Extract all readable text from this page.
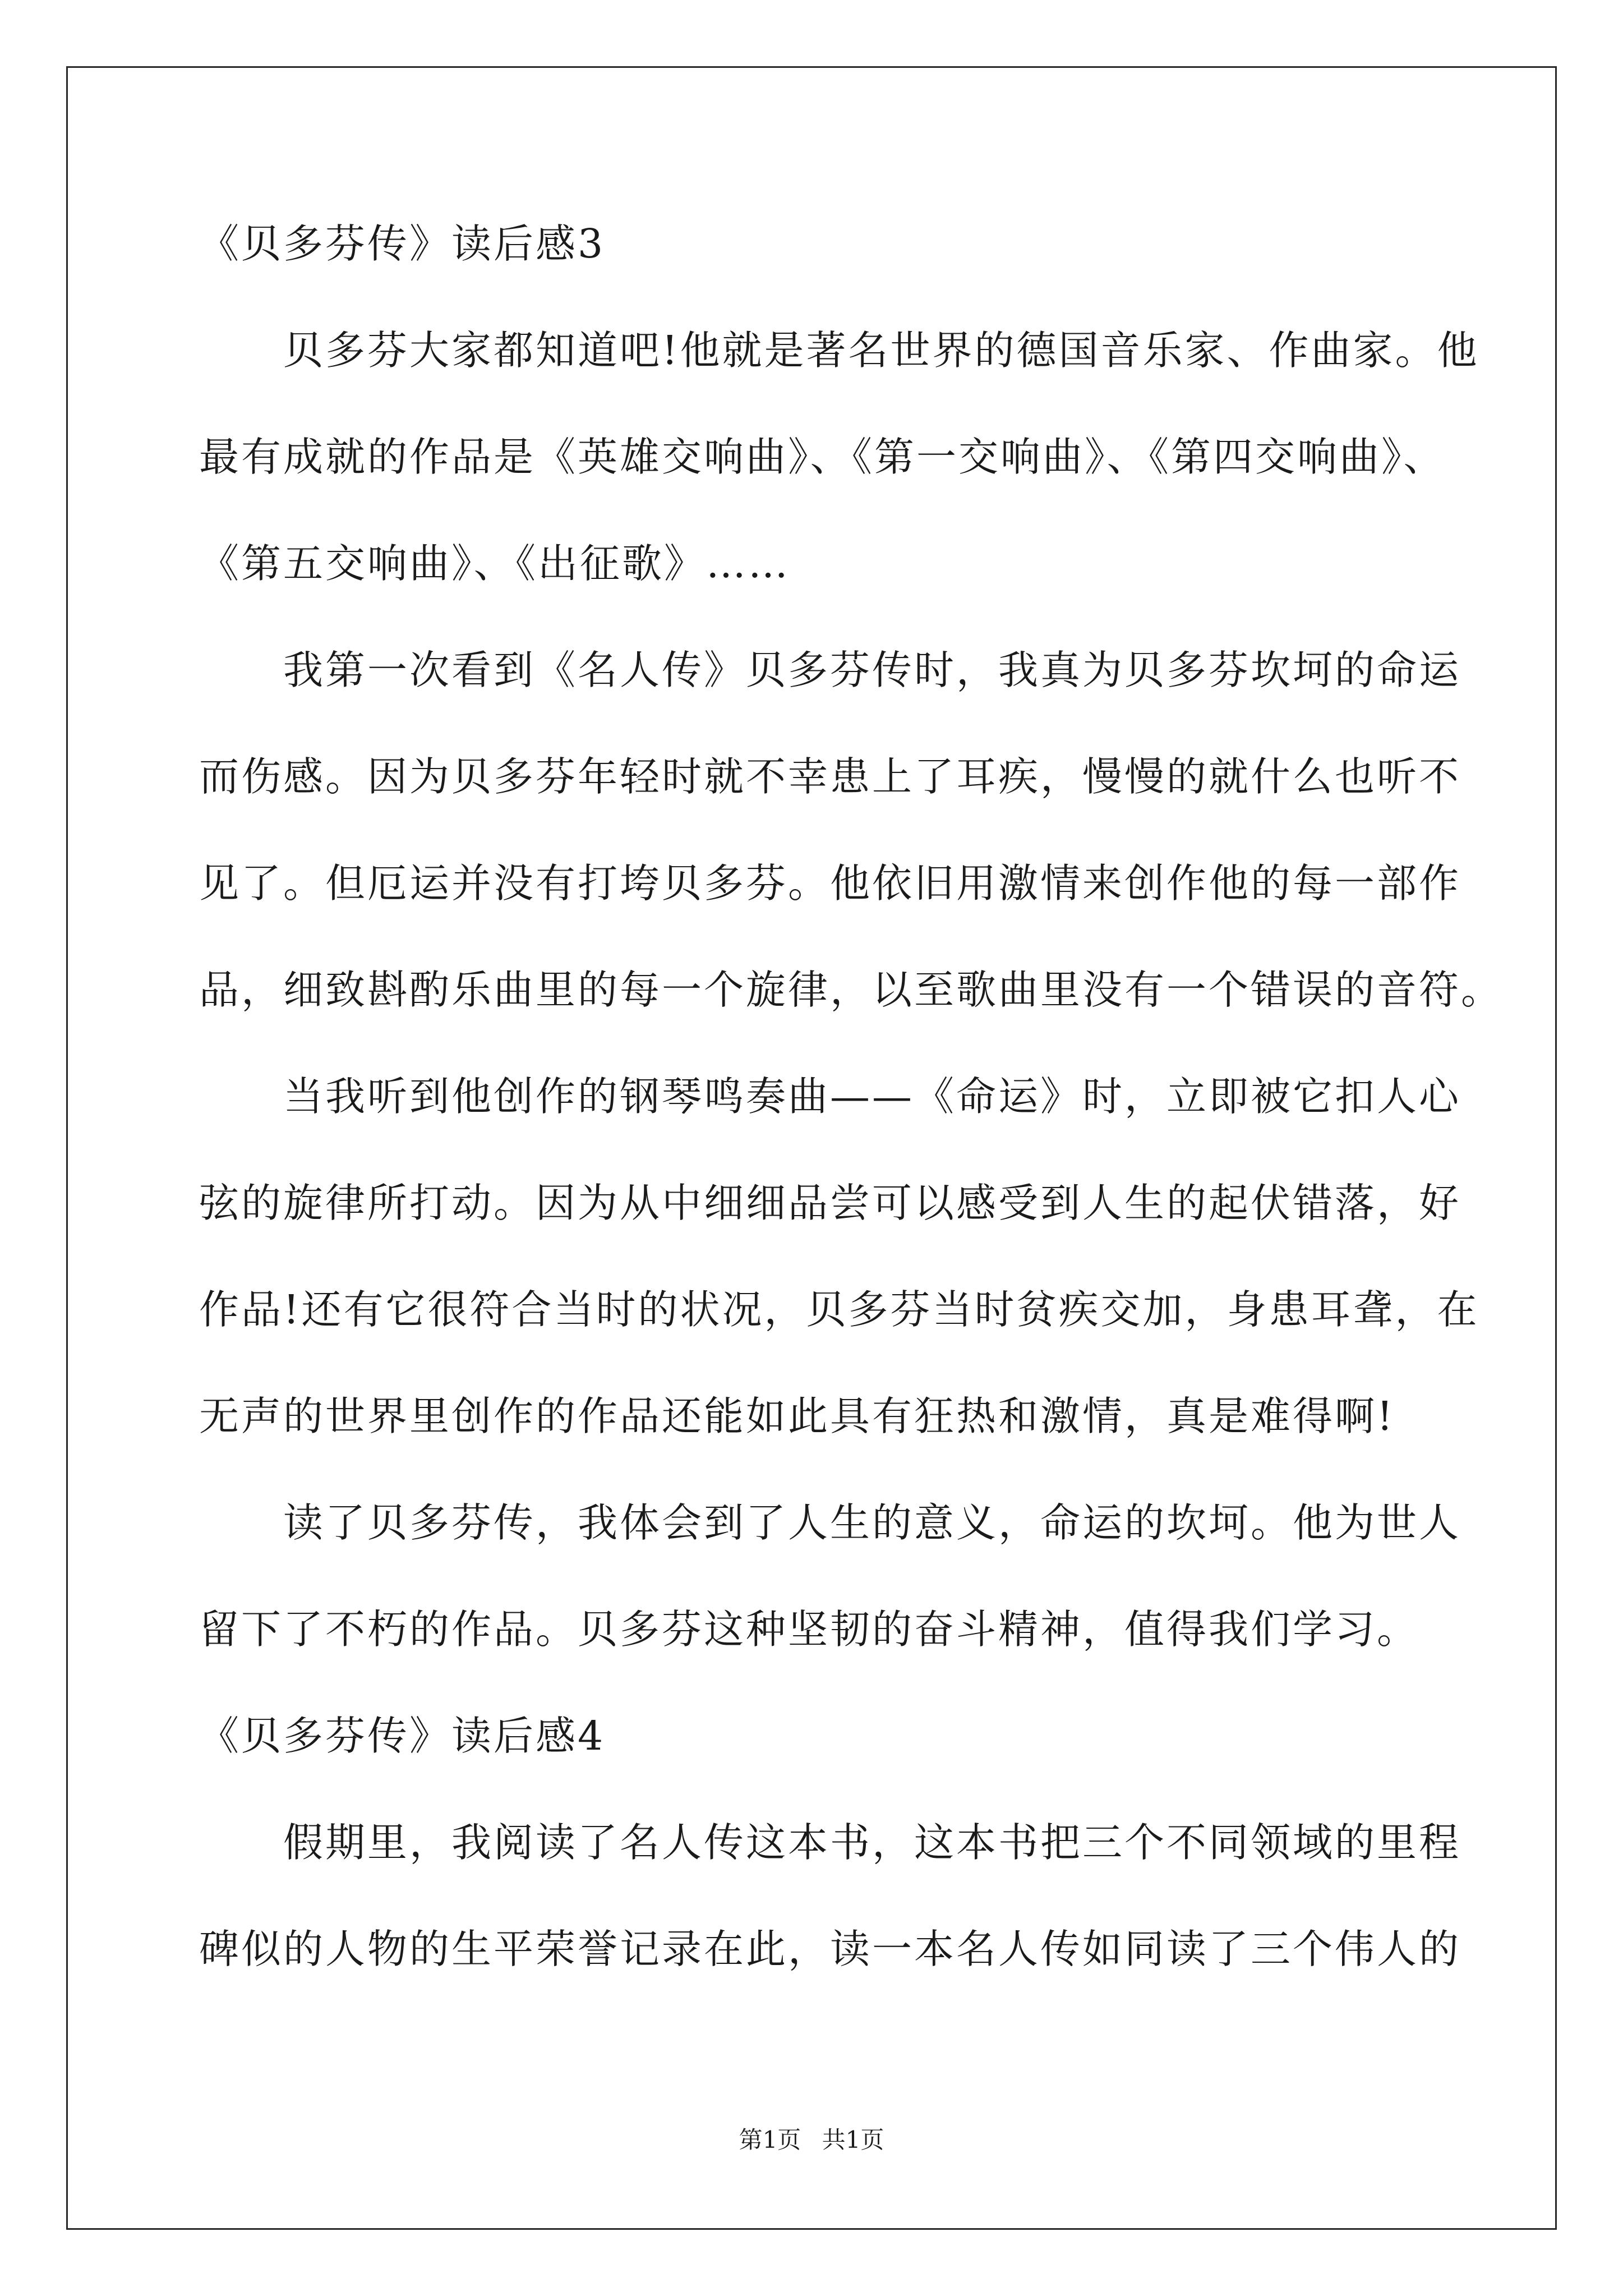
《贝多芬传》读后感3
　　贝多芬大家都知道吧!他就是著名世界的德国音乐家、作曲家。他
最有成就的作品是《英雄交响曲》、《第一交响曲》、《第四交响曲》、
《第五交响曲》、《出征歌》……
　　我第一次看到《名人传》贝多芬传时，我真为贝多芬坎坷的命运
而伤感。因为贝多芬年轻时就不幸患上了耳疾，慢慢的就什么也听不
见了。但厄运并没有打垮贝多芬。他依旧用激情来创作他的每一部作
品，细致斟酌乐曲里的每一个旋律，以至歌曲里没有一个错误的音符。
　　当我听到他创作的钢琴鸣奏曲——《命运》时，立即被它扣人心
弦的旋律所打动。因为从中细细品尝可以感受到人生的起伏错落，好
作品!还有它很符合当时的状况，贝多芬当时贫疾交加，身患耳聋，在
无声的世界里创作的作品还能如此具有狂热和激情，真是难得啊!
　　读了贝多芬传，我体会到了人生的意义，命运的坎坷。他为世人
留下了不朽的作品。贝多芬这种坚韧的奋斗精神，值得我们学习。
《贝多芬传》读后感4
　　假期里，我阅读了名人传这本书，这本书把三个不同领域的里程
碑似的人物的生平荣誉记录在此，读一本名人传如同读了三个伟人的
第1页 共1页
